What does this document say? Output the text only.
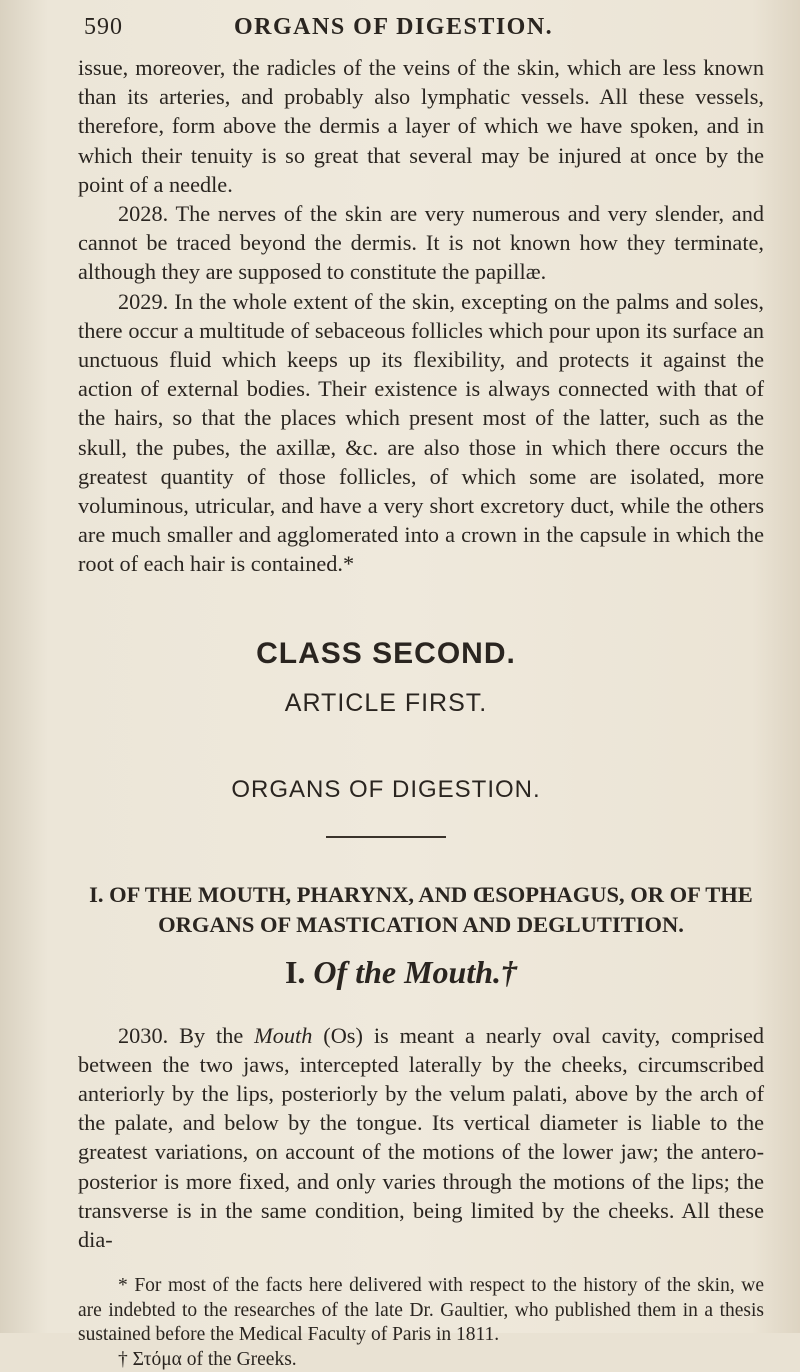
590	ORGANS OF DIGESTION.

issue, moreover, the radicles of the veins of the skin, which are less known than its arteries, and probably also lymphatic vessels. All these vessels, therefore, form above the dermis a layer of which we have spoken, and in which their tenuity is so great that several may be injured at once by the point of a needle.

2028. The nerves of the skin are very numerous and very slender, and cannot be traced beyond the dermis. It is not known how they terminate, although they are supposed to constitute the papillæ.

2029. In the whole extent of the skin, excepting on the palms and soles, there occur a multitude of sebaceous follicles which pour upon its surface an unctuous fluid which keeps up its flexibility, and protects it against the action of external bodies. Their existence is always connected with that of the hairs, so that the places which present most of the latter, such as the skull, the pubes, the axillæ, &c. are also those in which there occurs the greatest quantity of those follicles, of which some are isolated, more voluminous, utricular, and have a very short excretory duct, while the others are much smaller and agglomerated into a crown in the capsule in which the root of each hair is contained.*

CLASS SECOND.
ARTICLE FIRST.
ORGANS OF DIGESTION.
I. OF THE MOUTH, PHARYNX, AND ŒSOPHAGUS, OR OF THE ORGANS OF MASTICATION AND DEGLUTITION.
I. Of the Mouth.†

2030. By the Mouth (Os) is meant a nearly oval cavity, comprised between the two jaws, intercepted laterally by the cheeks, circumscribed anteriorly by the lips, posteriorly by the velum palati, above by the arch of the palate, and below by the tongue. Its vertical diameter is liable to the greatest variations, on account of the motions of the lower jaw; the antero-posterior is more fixed, and only varies through the motions of the lips; the transverse is in the same condition, being limited by the cheeks. All these dia-

* For most of the facts here delivered with respect to the history of the skin, we are indebted to the researches of the late Dr. Gaultier, who published them in a thesis sustained before the Medical Faculty of Paris in 1811.

† Στόμα of the Greeks.
